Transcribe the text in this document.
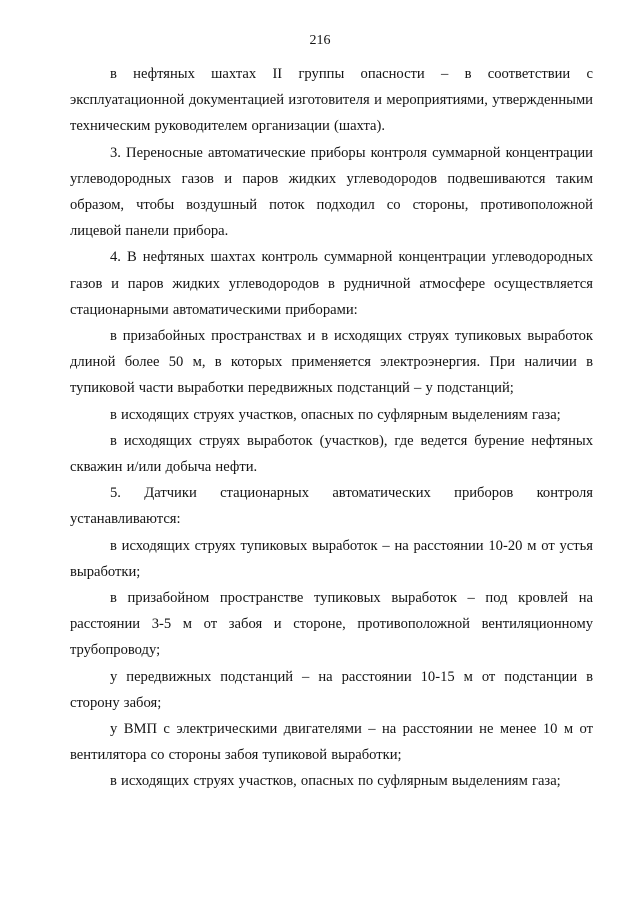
216

в нефтяных шахтах II группы опасности – в соответствии с эксплуатационной документацией изготовителя и мероприятиями, утвержденными техническим руководителем организации (шахта).

3. Переносные автоматические приборы контроля суммарной концентрации углеводородных газов и паров жидких углеводородов подвешиваются таким образом, чтобы воздушный поток подходил со стороны, противоположной лицевой панели прибора.

4. В нефтяных шахтах контроль суммарной концентрации углеводородных газов и паров жидких углеводородов в рудничной атмосфере осуществляется стационарными автоматическими приборами:

в призабойных пространствах и в исходящих струях тупиковых выработок длиной более 50 м, в которых применяется электроэнергия. При наличии в тупиковой части выработки передвижных подстанций – у подстанций;

в исходящих струях участков, опасных по суфлярным выделениям газа;

в исходящих струях выработок (участков), где ведется бурение нефтяных скважин и/или добыча нефти.

5. Датчики стационарных автоматических приборов контроля устанавливаются:

в исходящих струях тупиковых выработок – на расстоянии 10-20 м от устья выработки;

в призабойном пространстве тупиковых выработок – под кровлей на расстоянии 3-5 м от забоя и стороне, противоположной вентиляционному трубопроводу;

у передвижных подстанций – на расстоянии 10-15 м от подстанции в сторону забоя;

у ВМП с электрическими двигателями – на расстоянии не менее 10 м от вентилятора со стороны забоя тупиковой выработки;

в исходящих струях участков, опасных по суфлярным выделениям газа;
